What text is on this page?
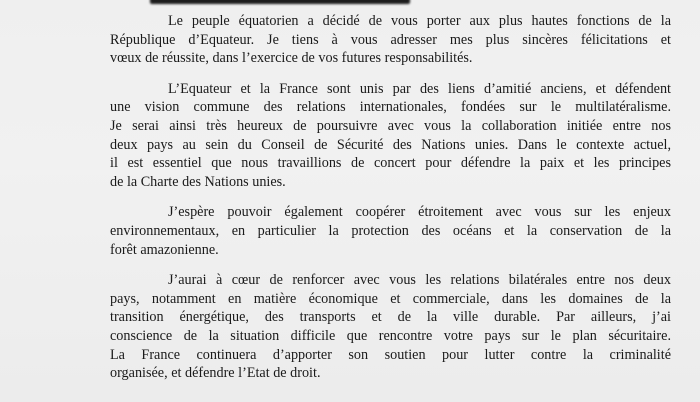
Le peuple équatorien a décidé de vous porter aux plus hautes fonctions de la
République d’Equateur. Je tiens à vous adresser mes plus sincères félicitations et
vœux de réussite, dans l’exercice de vos futures responsabilités.

L’Equateur et la France sont unis par des liens d’amitié anciens, et défendent
une vision commune des relations internationales, fondées sur le multilatéralisme.
Je serai ainsi très heureux de poursuivre avec vous la collaboration initiée entre nos
deux pays au sein du Conseil de Sécurité des Nations unies. Dans le contexte actuel,
il est essentiel que nous travaillions de concert pour défendre la paix et les principes
de la Charte des Nations unies.

J’espère pouvoir également coopérer étroitement avec vous sur les enjeux
environnementaux, en particulier la protection des océans et la conservation de la
forêt amazonienne.

J’aurai à cœur de renforcer avec vous les relations bilatérales entre nos deux
pays, notamment en matière économique et commerciale, dans les domaines de la
transition énergétique, des transports et de la ville durable. Par ailleurs, j’ai
conscience de la situation difficile que rencontre votre pays sur le plan sécuritaire.
La France continuera d’apporter son soutien pour lutter contre la criminalité
organisée, et défendre l’Etat de droit.
